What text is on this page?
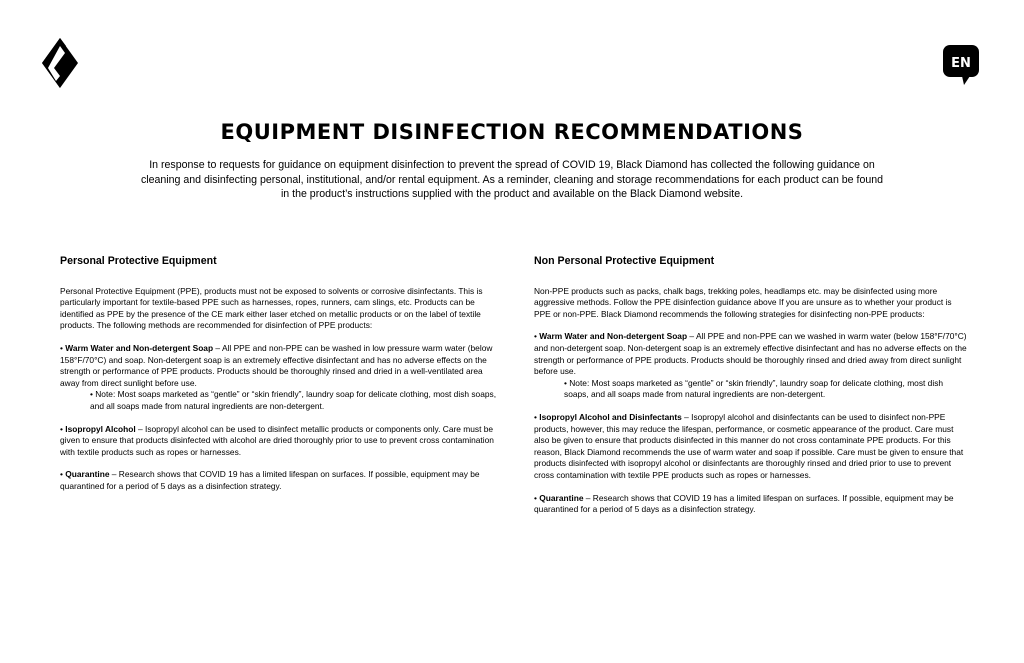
EN
EQUIPMENT DISINFECTION RECOMMENDATIONS

In response to requests for guidance on equipment disinfection to prevent the spread of COVID 19, Black Diamond has collected the following guidance on cleaning and disinfecting personal, institutional, and/or rental equipment. As a reminder, cleaning and storage recommendations for each product can be found in the product’s instructions supplied with the product and available on the Black Diamond website.

Personal Protective Equipment

Personal Protective Equipment (PPE), products must not be exposed to solvents or corrosive disinfectants. This is particularly important for textile-based PPE such as harnesses, ropes, runners, cam slings, etc. Products can be identified as PPE by the presence of the CE mark either laser etched on metallic products or on the label of textile products. The following methods are recommended for disinfection of PPE products:

• Warm Water and Non-detergent Soap – All PPE and non-PPE can be washed in low pressure warm water (below 158°F/70°C) and soap. Non-detergent soap is an extremely effective disinfectant and has no adverse effects on the strength or performance of PPE products. Products should be thoroughly rinsed and dried in a well-ventilated area away from direct sunlight before use.

• Note: Most soaps marketed as “gentle” or “skin friendly”, laundry soap for delicate clothing, most dish soaps, and all soaps made from natural ingredients are non-detergent.

• Isopropyl Alcohol – Isopropyl alcohol can be used to disinfect metallic products or components only. Care must be given to ensure that products disinfected with alcohol are dried thoroughly prior to use to prevent cross contamination with textile products such as ropes or harnesses.

• Quarantine – Research shows that COVID 19 has a limited lifespan on surfaces. If possible, equipment may be quarantined for a period of 5 days as a disinfection strategy.

Non Personal Protective Equipment

Non-PPE products such as packs, chalk bags, trekking poles, headlamps etc. may be disinfected using more aggressive methods. Follow the PPE disinfection guidance above If you are unsure as to whether your product is PPE or non-PPE. Black Diamond recommends the following strategies for disinfecting non-PPE products:

• Warm Water and Non-detergent Soap – All PPE and non-PPE can we washed in warm water (below 158°F/70°C) and non-detergent soap. Non-detergent soap is an extremely effective disinfectant and has no adverse effects on the strength or performance of PPE products. Products should be thoroughly rinsed and dried away from direct sunlight before use.

• Note: Most soaps marketed as “gentle” or “skin friendly”, laundry soap for delicate clothing, most dish soaps, and all soaps made from natural ingredients are non-detergent.

• Isopropyl Alcohol and Disinfectants – Isopropyl alcohol and disinfectants can be used to disinfect non-PPE products, however, this may reduce the lifespan, performance, or cosmetic appearance of the product. Care must also be given to ensure that products disinfected in this manner do not cross contaminate PPE products. For this reason, Black Diamond recommends the use of warm water and soap if possible. Care must be given to ensure that products disinfected with isopropyl alcohol or disinfectants are thoroughly rinsed and dried prior to use to prevent cross contamination with textile PPE products such as ropes or harnesses.

• Quarantine – Research shows that COVID 19 has a limited lifespan on surfaces. If possible, equipment may be quarantined for a period of 5 days as a disinfection strategy.
